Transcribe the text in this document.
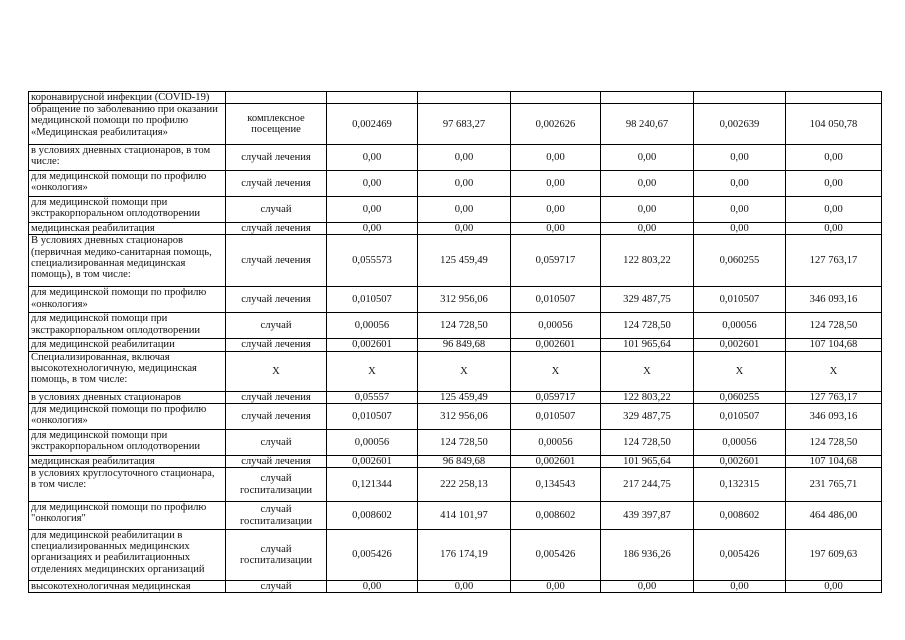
коронавирусной инфекции (COVID-19)							
обращение по заболеванию при оказании медицинской помощи по профилю «Медицинская реабилитация»	комплексное посещение	0,002469	97 683,27	0,002626	98 240,67	0,002639	104 050,78
в условиях дневных стационаров, в том числе:	случай лечения	0,00	0,00	0,00	0,00	0,00	0,00
для медицинской помощи по профилю «онкология»	случай лечения	0,00	0,00	0,00	0,00	0,00	0,00
для медицинской помощи при экстракорпоральном оплодотворении	случай	0,00	0,00	0,00	0,00	0,00	0,00
медицинская реабилитация	случай лечения	0,00	0,00	0,00	0,00	0,00	0,00
В условиях дневных стационаров (первичная медико-санитарная помощь, специализированная медицинская помощь), в том числе:	случай лечения	0,055573	125 459,49	0,059717	122 803,22	0,060255	127 763,17
для медицинской помощи по профилю «онкология»	случай лечения	0,010507	312 956,06	0,010507	329 487,75	0,010507	346 093,16
для медицинской помощи при экстракорпоральном оплодотворении	случай	0,00056	124 728,50	0,00056	124 728,50	0,00056	124 728,50
для медицинской реабилитации	случай лечения	0,002601	96 849,68	0,002601	101 965,64	0,002601	107 104,68
Специализированная, включая высокотехнологичную, медицинская помощь, в том числе:	X	X	X	X	X	X	X
в условиях дневных стационаров	случай лечения	0,05557	125 459,49	0,059717	122 803,22	0,060255	127 763,17
для медицинской помощи по профилю «онкология»	случай лечения	0,010507	312 956,06	0,010507	329 487,75	0,010507	346 093,16
для медицинской помощи при экстракорпоральном оплодотворении	случай	0,00056	124 728,50	0,00056	124 728,50	0,00056	124 728,50
медицинская реабилитация	случай лечения	0,002601	96 849,68	0,002601	101 965,64	0,002601	107 104,68
в условиях круглосуточного стационара, в том числе:	случай госпитализации	0,121344	222 258,13	0,134543	217 244,75	0,132315	231 765,71
для медицинской помощи по профилю "онкология"	случай госпитализации	0,008602	414 101,97	0,008602	439 397,87	0,008602	464 486,00
для медицинской реабилитации в специализированных медицинских организациях и реабилитационных отделениях медицинских организаций	случай госпитализации	0,005426	176 174,19	0,005426	186 936,26	0,005426	197 609,63
высокотехнологичная медицинская	случай	0,00	0,00	0,00	0,00	0,00	0,00
